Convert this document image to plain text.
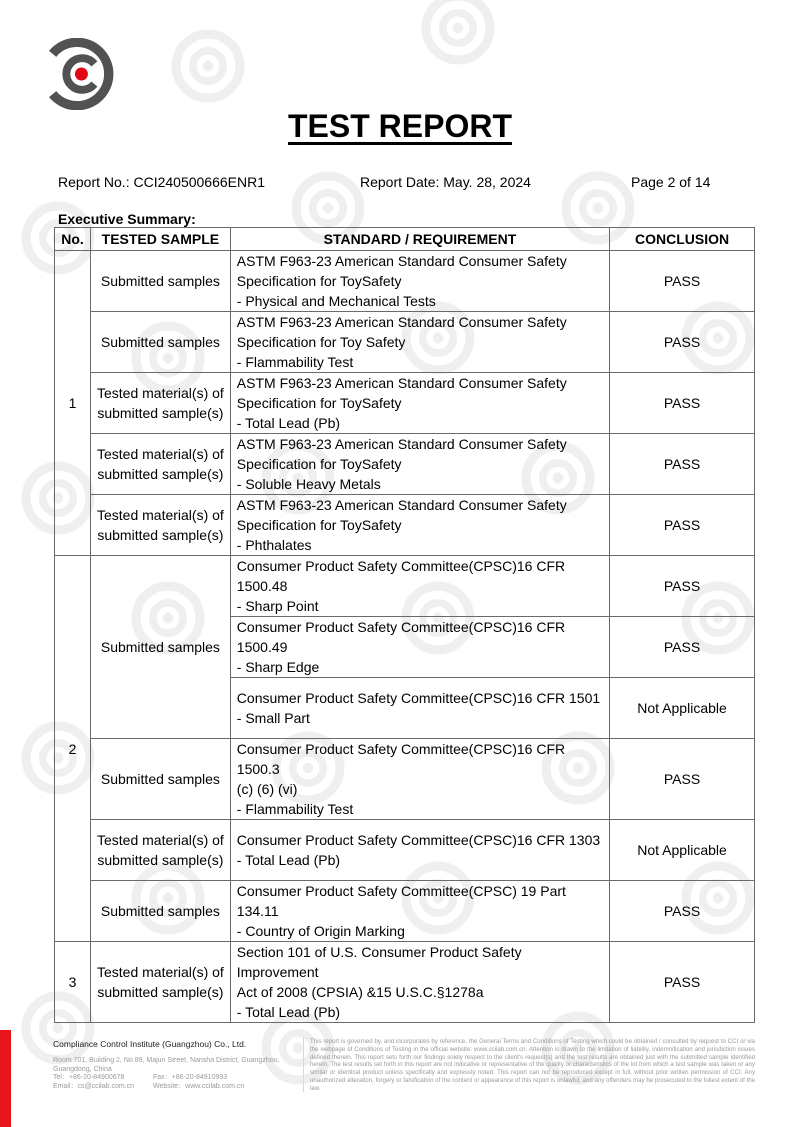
TEST REPORT
Report No.: CCI240500666ENR1	Report Date: May. 28, 2024	Page 2 of 14
Executive Summary:
No.	TESTED SAMPLE	STANDARD / REQUIREMENT	CONCLUSION
1	Submitted samples	ASTM F963-23 American Standard Consumer Safety
Specification for ToySafety
- Physical and Mechanical Tests	PASS
	Submitted samples	ASTM F963-23 American Standard Consumer Safety
Specification for Toy Safety
- Flammability Test	PASS
	Tested material(s) of submitted sample(s)	ASTM F963-23 American Standard Consumer Safety
Specification for ToySafety
- Total Lead (Pb)	PASS
	Tested material(s) of submitted sample(s)	ASTM F963-23 American Standard Consumer Safety
Specification for ToySafety
- Soluble Heavy Metals	PASS
	Tested material(s) of submitted sample(s)	ASTM F963-23 American Standard Consumer Safety
Specification for ToySafety
- Phthalates	PASS
2	Submitted samples	Consumer Product Safety Committee(CPSC)16 CFR
1500.48
- Sharp Point	PASS

		Consumer Product Safety Committee(CPSC)16 CFR
1500.49
- Sharp Edge	PASS

		Consumer Product Safety Committee(CPSC)16 CFR 1501
- Small Part	Not Applicable
	Submitted samples	Consumer Product Safety Committee(CPSC)16 CFR 1500.3
(c) (6) (vi)
- Flammability Test	PASS
	Tested material(s) of submitted sample(s)	Consumer Product Safety Committee(CPSC)16 CFR 1303
- Total Lead (Pb)	Not Applicable
	Submitted samples	Consumer Product Safety Committee(CPSC) 19 Part 134.11
- Country of Origin Marking	PASS
3	Tested material(s) of submitted sample(s)	Section 101 of U.S. Consumer Product Safety Improvement
Act of 2008 (CPSIA) &15 U.S.C.§1278a
- Total Lead (Pb)	PASS
Compliance Control Institute (Guangzhou) Co., Ltd.
Room 701, Building 2, No.89, Majun Street, Nansha District, Guangzhou, Guangdong, China
Tel：+86-20-84900678	Fax：+86-20-84910993
Email：cs@ccilab.com.cn	Website：www.ccilab.com.cn
This report is governed by, and incorporates by reference, the General Terms and Conditions of Testing which could be obtained / consulted by request to CCI or via the webpage of Conditions of Testing in the official website: www.ccilab.com.cn. Attention is drawn to the limitation of liability, indemnification and jurisdiction issues defined therein. This report sets forth our findings solely respect to the client's request(s) and the test results are obtained just with the submitted sample identified herein. The test results set forth in this report are not indicative or representative of the quality or characteristics of the lot from which a test sample was taken or any similar or identical product unless specifically and expressly noted. This report can not be reproduced except in full, without prior written permission of CCI. Any unauthorized alteration, forgery or falsification of the content or appearance of this report is unlawful, and any offenders may be prosecuted to the fullest extent of the law.
